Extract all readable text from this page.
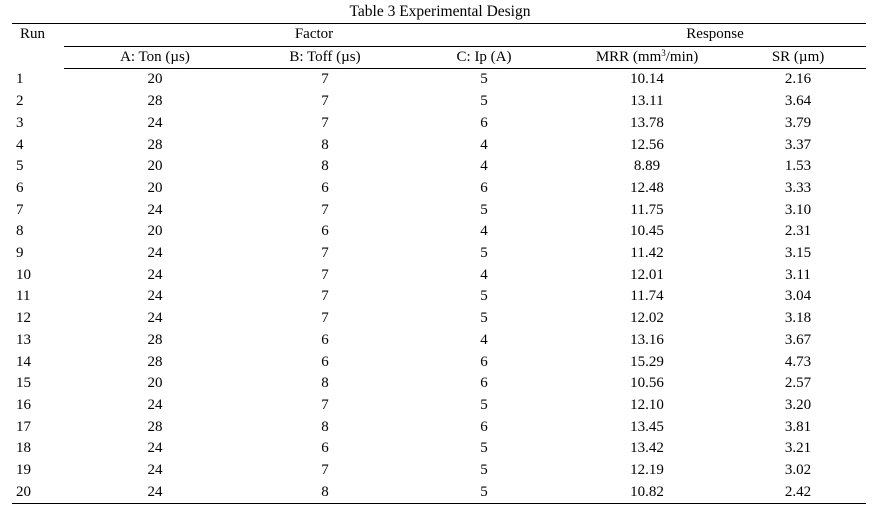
Table 3 Experimental Design
Run	Factor			Response	
	A: Ton (µs)	B: Toff (µs)	C: Ip (A)	MRR $(mm^3/\min)$	SR (µm)
1	20	7	5	10.14	2.16
2	28	7	5	13.11	3.64
3	24	7	6	13.78	3.79
4	28	8	4	12.56	3.37
5	20	8	4	8.89	1.53
6	20	6	6	12.48	3.33
7	24	7	5	11.75	3.10
8	20	6	4	10.45	2.31
9	24	7	5	11.42	3.15
10	24	7	4	12.01	3.11
11	24	7	5	11.74	3.04
12	24	7	5	12.02	3.18
13	28	6	4	13.16	3.67
14	28	6	6	15.29	4.73
15	20	8	6	10.56	2.57
16	24	7	5	12.10	3.20
17	28	8	6	13.45	3.81
18	24	6	5	13.42	3.21
19	24	7	5	12.19	3.02
20	24	8	5	10.82	2.42
